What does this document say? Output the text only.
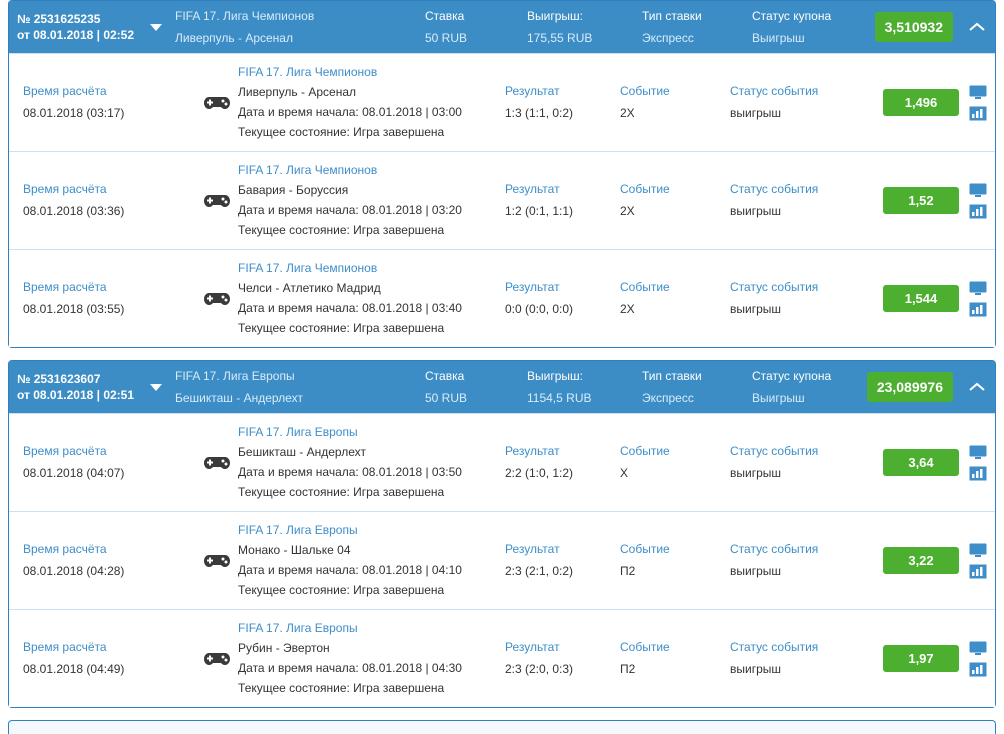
№ 2531625235
от 08.01.2018 | 02:52
FIFA 17. Лига Чемпионов
Ливерпуль - Арсенал
Ставка
50 RUB
Выигрыш:
175,55 RUB
Тип ставки
Экспресс
Статус купона
Выигрыш
3,510932
Время расчёта
08.01.2018 (03:17)
FIFA 17. Лига Чемпионов
Ливерпуль - Арсенал
Дата и время начала: 08.01.2018 | 03:00
Текущее состояние: Игра завершена
Результат
1:3 (1:1, 0:2)
Событие
2X
Статус события
выигрыш
1,496
Время расчёта
08.01.2018 (03:36)
FIFA 17. Лига Чемпионов
Бавария - Боруссия
Дата и время начала: 08.01.2018 | 03:20
Текущее состояние: Игра завершена
Результат
1:2 (0:1, 1:1)
Событие
2X
Статус события
выигрыш
1,52
Время расчёта
08.01.2018 (03:55)
FIFA 17. Лига Чемпионов
Челси - Атлетико Мадрид
Дата и время начала: 08.01.2018 | 03:40
Текущее состояние: Игра завершена
Результат
0:0 (0:0, 0:0)
Событие
2X
Статус события
выигрыш
1,544
№ 2531623607
от 08.01.2018 | 02:51
FIFA 17. Лига Европы
Бешикташ - Андерлехт
Ставка
50 RUB
Выигрыш:
1154,5 RUB
Тип ставки
Экспресс
Статус купона
Выигрыш
23,089976
Время расчёта
08.01.2018 (04:07)
FIFA 17. Лига Европы
Бешикташ - Андерлехт
Дата и время начала: 08.01.2018 | 03:50
Текущее состояние: Игра завершена
Результат
2:2 (1:0, 1:2)
Событие
X
Статус события
выигрыш
3,64
Время расчёта
08.01.2018 (04:28)
FIFA 17. Лига Европы
Монако - Шальке 04
Дата и время начала: 08.01.2018 | 04:10
Текущее состояние: Игра завершена
Результат
2:3 (2:1, 0:2)
Событие
П2
Статус события
выигрыш
3,22
Время расчёта
08.01.2018 (04:49)
FIFA 17. Лига Европы
Рубин - Эвертон
Дата и время начала: 08.01.2018 | 04:30
Текущее состояние: Игра завершена
Результат
2:3 (2:0, 0:3)
Событие
П2
Статус события
выигрыш
1,97
